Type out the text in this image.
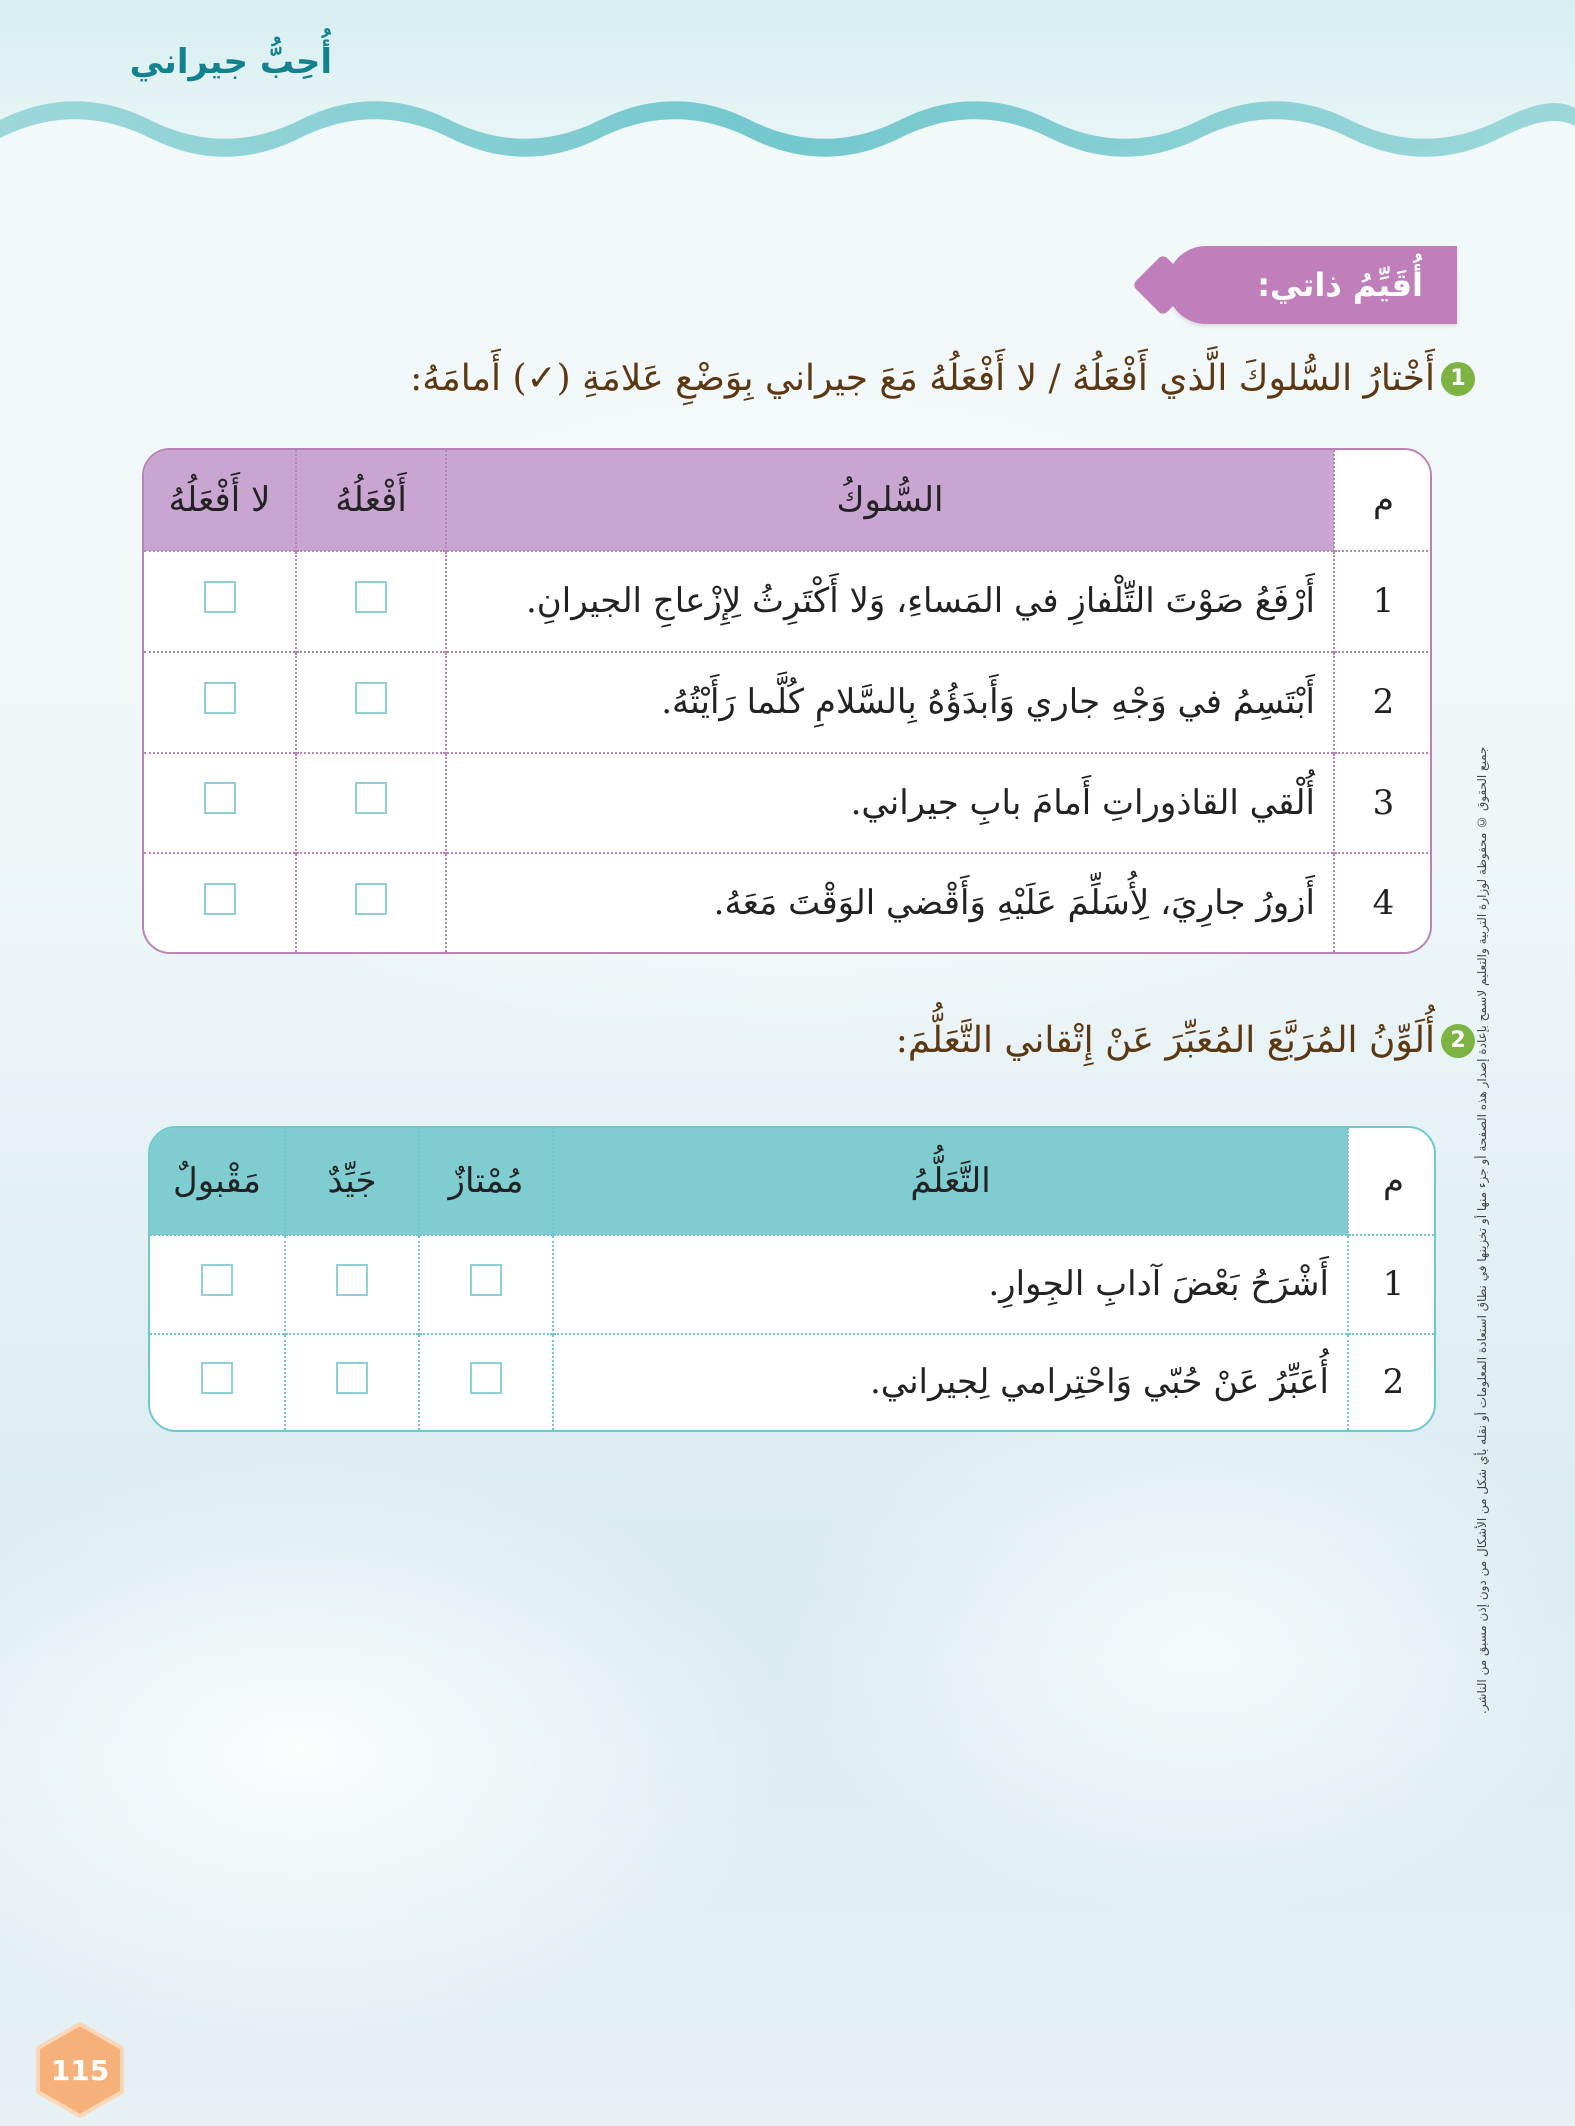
أُحِبُّ جيراني
أُقَيِّمُ ذاتي:
1
أَخْتارُ السُّلوكَ الَّذي أَفْعَلُهُ / لا أَفْعَلُهُ مَعَ جيراني بِوَضْعِ عَلامَةِ (✓) أَمامَهُ:
م	السُّلوكُ	أَفْعَلُهُ	لا أَفْعَلُهُ
1	أَرْفَعُ صَوْتَ التِّلْفازِ في المَساءِ، وَلا أَكْتَرِثُ لِإِزْعاجِ الجيرانِ.		
2	أَبْتَسِمُ في وَجْهِ جاري وَأَبدَؤُهُ بِالسَّلامِ كُلَّما رَأَيْتُهُ.		
3	أُلْقي القاذوراتِ أَمامَ بابِ جيراني.		
4	أَزورُ جارِيَ، لِأُسَلِّمَ عَلَيْهِ وَأَقْضي الوَقْتَ مَعَهُ.		
2
أُلَوِّنُ المُرَبَّعَ المُعَبِّرَ عَنْ إِتْقاني التَّعَلُّمَ:
م	التَّعَلُّمُ	مُمْتازٌ	جَيِّدٌ	مَقْبولٌ
1	أَشْرَحُ بَعْضَ آدابِ الجِوارِ.			
2	أُعَبِّرُ عَنْ حُبّي وَاحْتِرامي لِجيراني.				جميع الحقوق © محفوظة لوزارة التربية والتعليم لاسمح بإعادة إصدار هذه الصفحة أو جزء منها أو تخزينها في نطاق استعادة المعلومات أو نقله بأي شكل من الأشكال من دون إذن مسبق من الناشر.
115
